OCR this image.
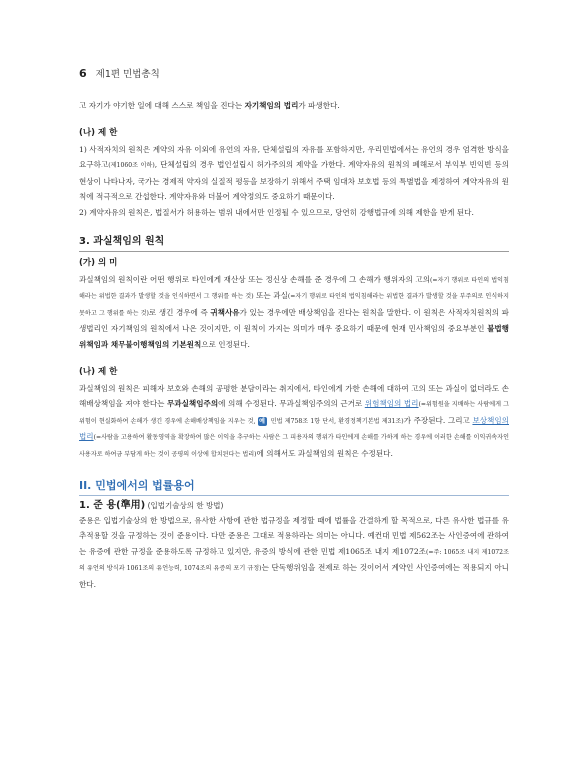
6 제1편 민법총칙

고 자기가 야기한 일에 대해 스스로 책임을 진다는 자기책임의 법리가 파생한다.

(나) 제 한

1) 사적자치의 원칙은 계약의 자유 이외에 유언의 자유, 단체설립의 자유를 포함하지만, 우리민법에서는 유언의 경우 엄격한 방식을 요구하고(제1060조 이하), 단체설립의 경우 법인설립시 허가주의의 제약을 가한다. 계약자유의 원칙의 폐해로서 부익부 빈익빈 등의 현상이 나타나자, 국가는 경제적 약자의 실질적 평등을 보장하기 위해서 주택 임대차 보호법 등의 특별법을 제정하여 계약자유의 원칙에 적극적으로 간섭한다. 계약자유와 더불어 계약정의도 중요하기 때문이다.

2) 계약자유의 원칙은, 법질서가 허용하는 범위 내에서만 인정될 수 있으므로, 당연히 강행법규에 의해 제한을 받게 된다.

3. 과실책임의 원칙
(가) 의 미

과실책임의 원칙이란 어떤 행위로 타인에게 재산상 또는 정신상 손해를 준 경우에 그 손해가 행위자의 고의(=자기 행위로 타인의 법익침해라는 위법한 결과가 발생할 것을 인식하면서 그 행위를 하는 것) 또는 과실(=자기 행위로 타인의 법익침해라는 위법한 결과가 발생할 것을 부주의로 인식하지 못하고 그 행위를 하는 것)로 생긴 경우에 즉 귀책사유가 있는 경우에만 배상책임을 진다는 원칙을 말한다. 이 원칙은 사적자치원칙의 파생법리인 자기책임의 원칙에서 나온 것이지만, 이 원칙이 가지는 의미가 매우 중요하기 때문에 현재 민사책임의 중요부분인 불법행위책임과 채무불이행책임의 기본원칙으로 인정된다.

(나) 제 한

과실책임의 원칙은 피해자 보호와 손해의 공평한 분담이라는 취지에서, 타인에게 가한 손해에 대하여 고의 또는 과실이 없더라도 손해배상책임을 져야 한다는 무과실책임주의에 의해 수정된다. 무과실책임주의의 근거로 위험책임의 법리(=위험원을 지배하는 사람에게 그 위험이 현실화하여 손해가 생긴 경우에 손해배상책임을 지우는 것, 예 민법 제758조 1항 단서, 환경정책기본법 제31조)가 주장된다. 그리고 보상책임의 법리(=사람을 고용하여 활동영역을 확장하여 많은 이익을 추구하는 사람은 그 피용자의 행위가 타인에게 손해를 가하게 하는 경우에 이러한 손해를 이익귀속자인 사용자로 하여금 부담게 하는 것이 공평의 이상에 합치된다는 법리)에 의해서도 과실책임의 원칙은 수정된다.

II. 민법에서의 법률용어
1. 준 용(準用) (입법기술상의 한 방법)

준용은 입법기술상의 한 방법으로, 유사한 사항에 관한 법규정을 제정할 때에 법률을 간결하게 할 목적으로, 다른 유사한 법규를 유추적용할 것을 규정하는 것이 준용이다. 다만 준용은 그대로 적용하라는 의미는 아니다. 예컨대 민법 제562조는 사인증여에 관하여는 유증에 관한 규정을 준용하도록 규정하고 있지만, 유증의 방식에 관한 민법 제1065조 내지 제1072조(=주: 1065조 내지 제1072조의 유언의 방식과 1061조의 유언능력, 1074조의 유증의 포기 규정)는 단독행위임을 전제로 하는 것이어서 계약인 사인증여에는 적용되지 아니한다.
